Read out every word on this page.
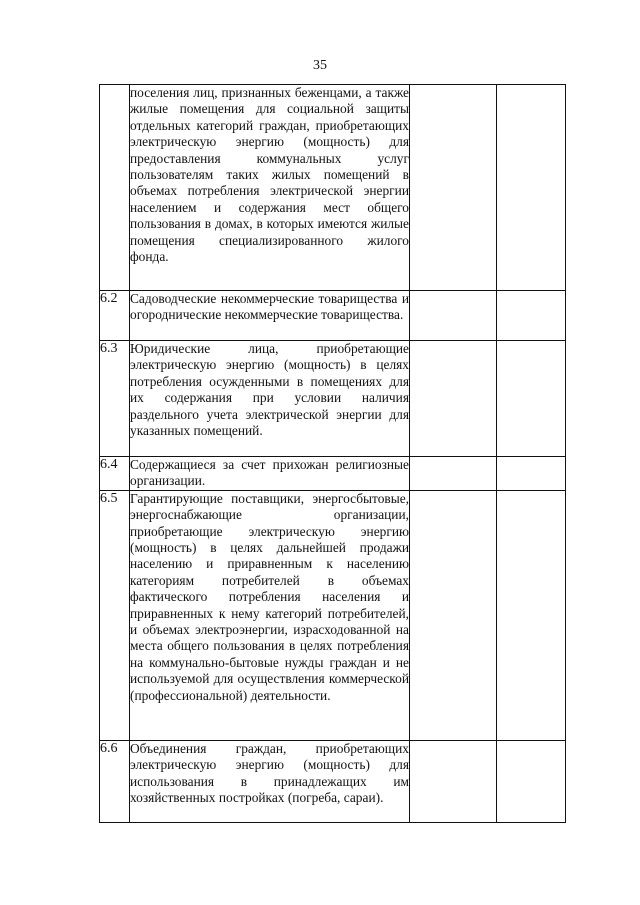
35
	поселения лиц, признанных беженцами, а также жилые помещения для социальной защиты отдельных категорий граждан, приобретающих электрическую энергию (мощность) для предоставления коммунальных услуг пользователям таких жилых помещений в объемах потребления электрической энергии населением и содержания мест общего пользования в домах, в которых имеются жилые помещения специализированного жилого фонда.		
6.2	Садоводческие некоммерческие товарищества и огороднические некоммерческие товарищества.		
6.3	Юридические лица, приобретающие электрическую энергию (мощность) в целях потребления осужденными в помещениях для их содержания при условии наличия раздельного учета электрической энергии для указанных помещений.		
6.4	Содержащиеся за счет прихожан религиозные организации.		
6.5	Гарантирующие поставщики, энергосбытовые, энергоснабжающие организации, приобретающие электрическую энергию (мощность) в целях дальнейшей продажи населению и приравненным к населению категориям потребителей в объемах фактического потребления населения и приравненных к нему категорий потребителей, и объемах электроэнергии, израсходованной на места общего пользования в целях потребления на коммунально-бытовые нужды граждан и не используемой для осуществления коммерческой (профессиональной) деятельности.		
6.6	Объединения граждан, приобретающих электрическую энергию (мощность) для использования в принадлежащих им хозяйственных постройках (погреба, сараи).		
